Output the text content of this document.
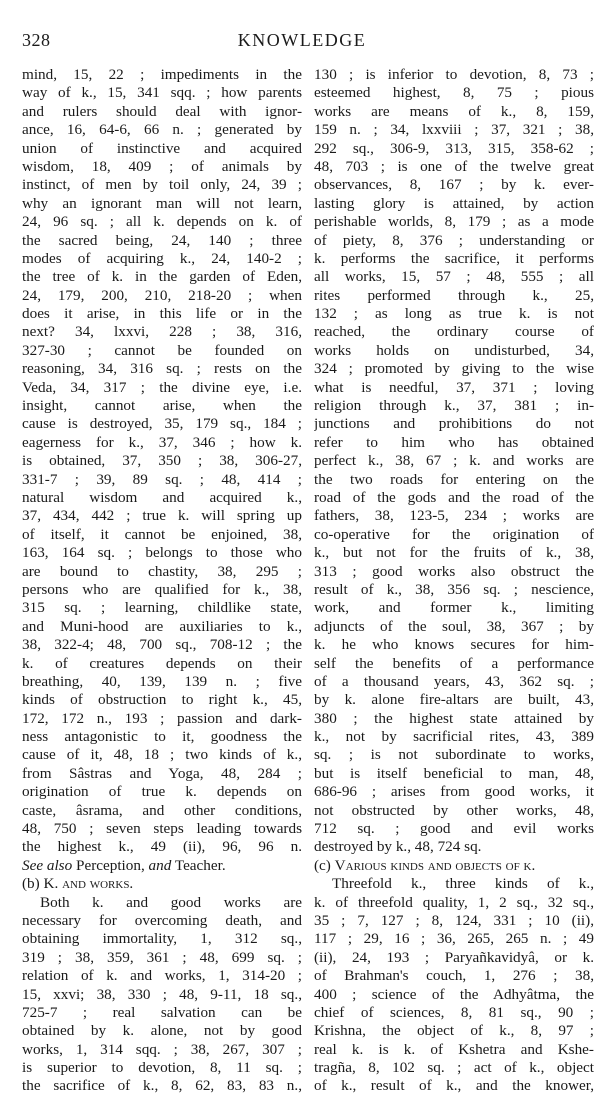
328	KNOWLEDGE
mind, 15, 22 ; impediments in the
way of k., 15, 341 sqq. ; how parents
and rulers should deal with ignor-
ance, 16, 64-6, 66 n. ; generated by
union of instinctive and acquired
wisdom, 18, 409 ; of animals by
instinct, of men by toil only, 24, 39 ;
why an ignorant man will not learn,
24, 96 sq. ; all k. depends on k. of
the sacred being, 24, 140 ; three
modes of acquiring k., 24, 140-2 ;
the tree of k. in the garden of Eden,
24, 179, 200, 210, 218-20 ; when
does it arise, in this life or in the
next? 34, lxxvi, 228 ; 38, 316,
327-30 ; cannot be founded on
reasoning, 34, 316 sq. ; rests on the
Veda, 34, 317 ; the divine eye, i.e.
insight, cannot arise, when the
cause is destroyed, 35, 179 sq., 184 ;
eagerness for k., 37, 346 ; how k.
is obtained, 37, 350 ; 38, 306-27,
331-7 ; 39, 89 sq. ; 48, 414 ;
natural wisdom and acquired k.,
37, 434, 442 ; true k. will spring up
of itself, it cannot be enjoined, 38,
163, 164 sq. ; belongs to those who
are bound to chastity, 38, 295 ;
persons who are qualified for k., 38,
315 sq. ; learning, childlike state,
and Muni-hood are auxiliaries to k.,
38, 322-4; 48, 700 sq., 708-12 ; the
k. of creatures depends on their
breathing, 40, 139, 139 n. ; five
kinds of obstruction to right k., 45,
172, 172 n., 193 ; passion and dark-
ness antagonistic to it, goodness the
cause of it, 48, 18 ; two kinds of k.,
from Sâstras and Yoga, 48, 284 ;
origination of true k. depends on
caste, âsrama, and other conditions,
48, 750 ; seven steps leading towards
the highest k., 49 (ii), 96, 96 n.
See also Perception, and Teacher.
(b) K. and works.
Both k. and good works are
necessary for overcoming death, and
obtaining immortality, 1, 312 sq.,
319 ; 38, 359, 361 ; 48, 699 sq. ;
relation of k. and works, 1, 314-20 ;
15, xxvi; 38, 330 ; 48, 9-11, 18 sq.,
725-7 ; real salvation can be
obtained by k. alone, not by good
works, 1, 314 sqq. ; 38, 267, 307 ;
is superior to devotion, 8, 11 sq. ;
the sacrifice of k., 8, 62, 83, 83 n.,
130 ; is inferior to devotion, 8, 73 ;
esteemed highest, 8, 75 ; pious
works are means of k., 8, 159,
159 n. ; 34, lxxviii ; 37, 321 ; 38,
292 sq., 306-9, 313, 315, 358-62 ;
48, 703 ; is one of the twelve great
observances, 8, 167 ; by k. ever-
lasting glory is attained, by action
perishable worlds, 8, 179 ; as a mode
of piety, 8, 376 ; understanding or
k. performs the sacrifice, it performs
all works, 15, 57 ; 48, 555 ; all
rites performed through k., 25,
132 ; as long as true k. is not
reached, the ordinary course of
works holds on undisturbed, 34,
324 ; promoted by giving to the wise
what is needful, 37, 371 ; loving
religion through k., 37, 381 ; in-
junctions and prohibitions do not
refer to him who has obtained
perfect k., 38, 67 ; k. and works are
the two roads for entering on the
road of the gods and the road of the
fathers, 38, 123-5, 234 ; works are
co-operative for the origination of
k., but not for the fruits of k., 38,
313 ; good works also obstruct the
result of k., 38, 356 sq. ; nescience,
work, and former k., limiting
adjuncts of the soul, 38, 367 ; by
k. he who knows secures for him-
self the benefits of a performance
of a thousand years, 43, 362 sq. ;
by k. alone fire-altars are built, 43,
380 ; the highest state attained by
k., not by sacrificial rites, 43, 389
sq. ; is not subordinate to works,
but is itself beneficial to man, 48,
686-96 ; arises from good works, it
not obstructed by other works, 48,
712 sq. ; good and evil works
destroyed by k., 48, 724 sq.
(c) Various kinds and objects of k.
Threefold k., three kinds of k.,
k. of threefold quality, 1, 2 sq., 32 sq.,
35 ; 7, 127 ; 8, 124, 331 ; 10 (ii),
117 ; 29, 16 ; 36, 265, 265 n. ; 49
(ii), 24, 193 ; Paryañkavidyâ, or k.
of Brahman's couch, 1, 276 ; 38,
400 ; science of the Adhyâtma, the
chief of sciences, 8, 81 sq., 90 ;
Krishna, the object of k., 8, 97 ;
real k. is k. of Kshetra and Kshe-
tragña, 8, 102 sq. ; act of k., object
of k., result of k., and the knower,
